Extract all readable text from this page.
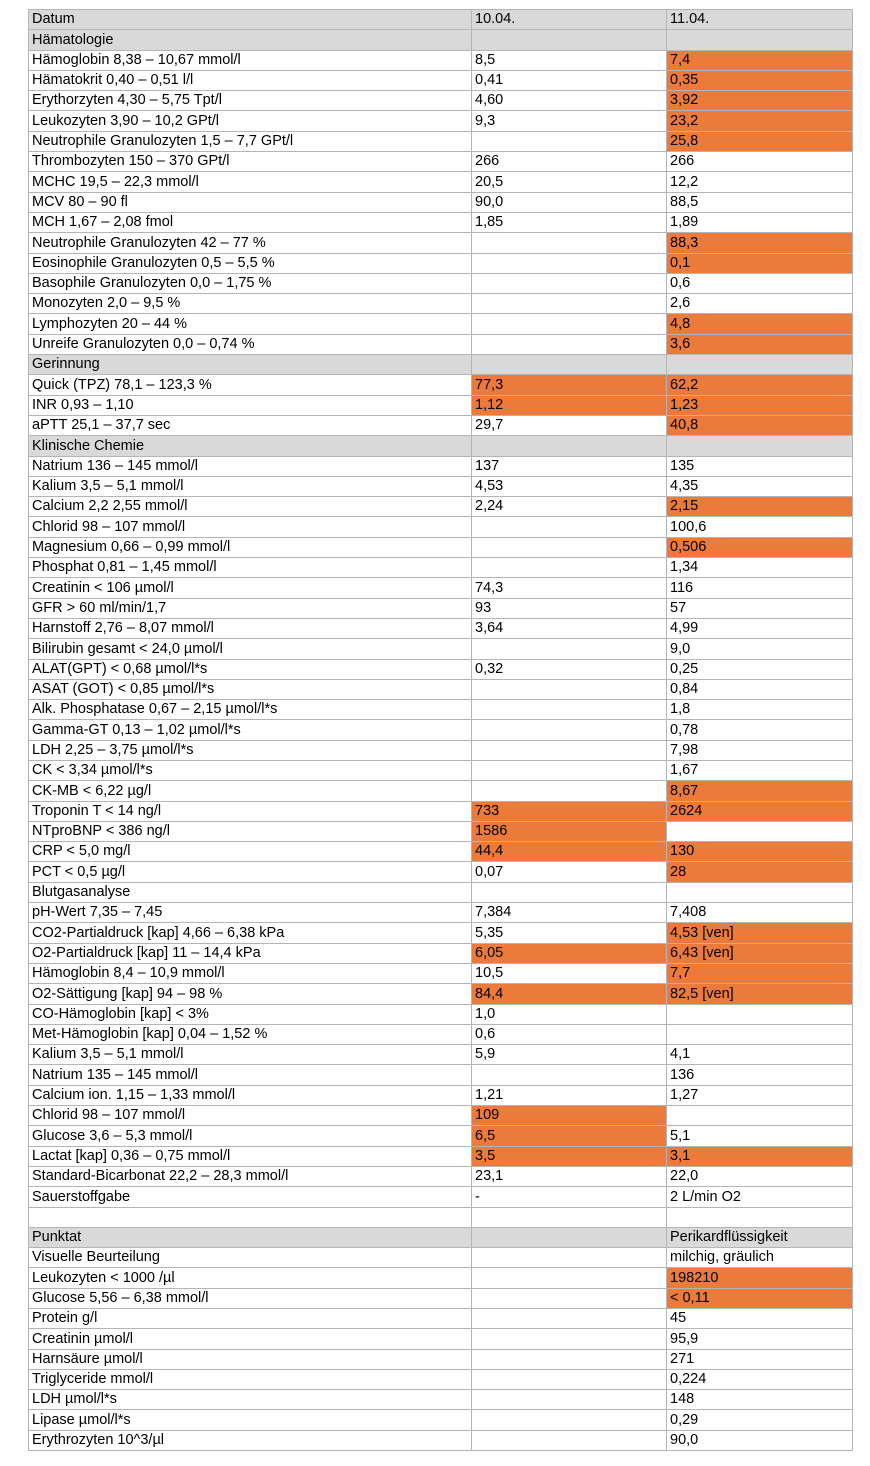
Datum	10.04.	11.04.
Hämatologie		
Hämoglobin 8,38 – 10,67 mmol/l	8,5	7,4
Hämatokrit 0,40 – 0,51 l/l	0,41	0,35
Erythorzyten 4,30 – 5,75 Tpt/l	4,60	3,92
Leukozyten 3,90 – 10,2 GPt/l	9,3	23,2
Neutrophile Granulozyten 1,5 – 7,7 GPt/l		25,8
Thrombozyten 150 – 370 GPt/l	266	266
MCHC 19,5 – 22,3 mmol/l	20,5	12,2
MCV 80 – 90 fl	90,0	88,5
MCH 1,67 – 2,08 fmol	1,85	1,89
Neutrophile Granulozyten 42 – 77 %		88,3
Eosinophile Granulozyten 0,5 – 5,5 %		0,1
Basophile Granulozyten 0,0 – 1,75 %		0,6
Monozyten 2,0 – 9,5 %		2,6
Lymphozyten 20 – 44 %		4,8
Unreife Granulozyten 0,0 – 0,74 %		3,6
Gerinnung		
Quick (TPZ) 78,1 – 123,3 %	77,3	62,2
INR 0,93 – 1,10	1,12	1,23
aPTT 25,1 – 37,7 sec	29,7	40,8
Klinische Chemie		
Natrium 136 – 145 mmol/l	137	135
Kalium 3,5 – 5,1 mmol/l	4,53	4,35
Calcium 2,2 2,55 mmol/l	2,24	2,15
Chlorid 98 – 107 mmol/l		100,6
Magnesium 0,66 – 0,99 mmol/l		0,506
Phosphat 0,81 – 1,45 mmol/l		1,34
Creatinin < 106 µmol/l	74,3	116
GFR > 60 ml/min/1,7	93	57
Harnstoff 2,76 – 8,07 mmol/l	3,64	4,99
Bilirubin gesamt < 24,0 µmol/l		9,0
ALAT(GPT) < 0,68 µmol/l*s	0,32	0,25
ASAT (GOT) < 0,85 µmol/l*s		0,84
Alk. Phosphatase 0,67 – 2,15 µmol/l*s		1,8
Gamma-GT 0,13 – 1,02 µmol/l*s		0,78
LDH 2,25 – 3,75 µmol/l*s		7,98
CK < 3,34 µmol/l*s		1,67
CK-MB < 6,22 µg/l		8,67
Troponin T < 14 ng/l	733	2624
NTproBNP < 386 ng/l	1586	
CRP < 5,0 mg/l	44,4	130
PCT < 0,5 µg/l	0,07	28
Blutgasanalyse		
pH-Wert 7,35 – 7,45	7,384	7,408
CO2-Partialdruck [kap] 4,66 – 6,38 kPa	5,35	4,53 [ven]
O2-Partialdruck [kap] 11 – 14,4 kPa	6,05	6,43 [ven]
Hämoglobin 8,4 – 10,9 mmol/l	10,5	7,7
O2-Sättigung [kap] 94 – 98 %	84,4	82,5 [ven]
CO-Hämoglobin [kap] < 3%	1,0	
Met-Hämoglobin [kap] 0,04 – 1,52 %	0,6	
Kalium 3,5 – 5,1 mmol/l	5,9	4,1
Natrium 135 – 145 mmol/l		136
Calcium ion. 1,15 – 1,33 mmol/l	1,21	1,27
Chlorid 98 – 107 mmol/l	109	
Glucose 3,6 – 5,3 mmol/l	6,5	5,1
Lactat [kap] 0,36 – 0,75 mmol/l	3,5	3,1
Standard-Bicarbonat 22,2 – 28,3 mmol/l	23,1	22,0
Sauerstoffgabe	-	2 L/min O2

Punktat		Perikardflüssigkeit
Visuelle Beurteilung		milchig, gräulich
Leukozyten < 1000 /µl		198210
Glucose 5,56 – 6,38 mmol/l		< 0,11
Protein g/l		45
Creatinin µmol/l		95,9
Harnsäure µmol/l		271
Triglyceride mmol/l		0,224
LDH µmol/l*s		148
Lipase µmol/l*s		0,29
Erythrozyten 10^3/µl		90,0
